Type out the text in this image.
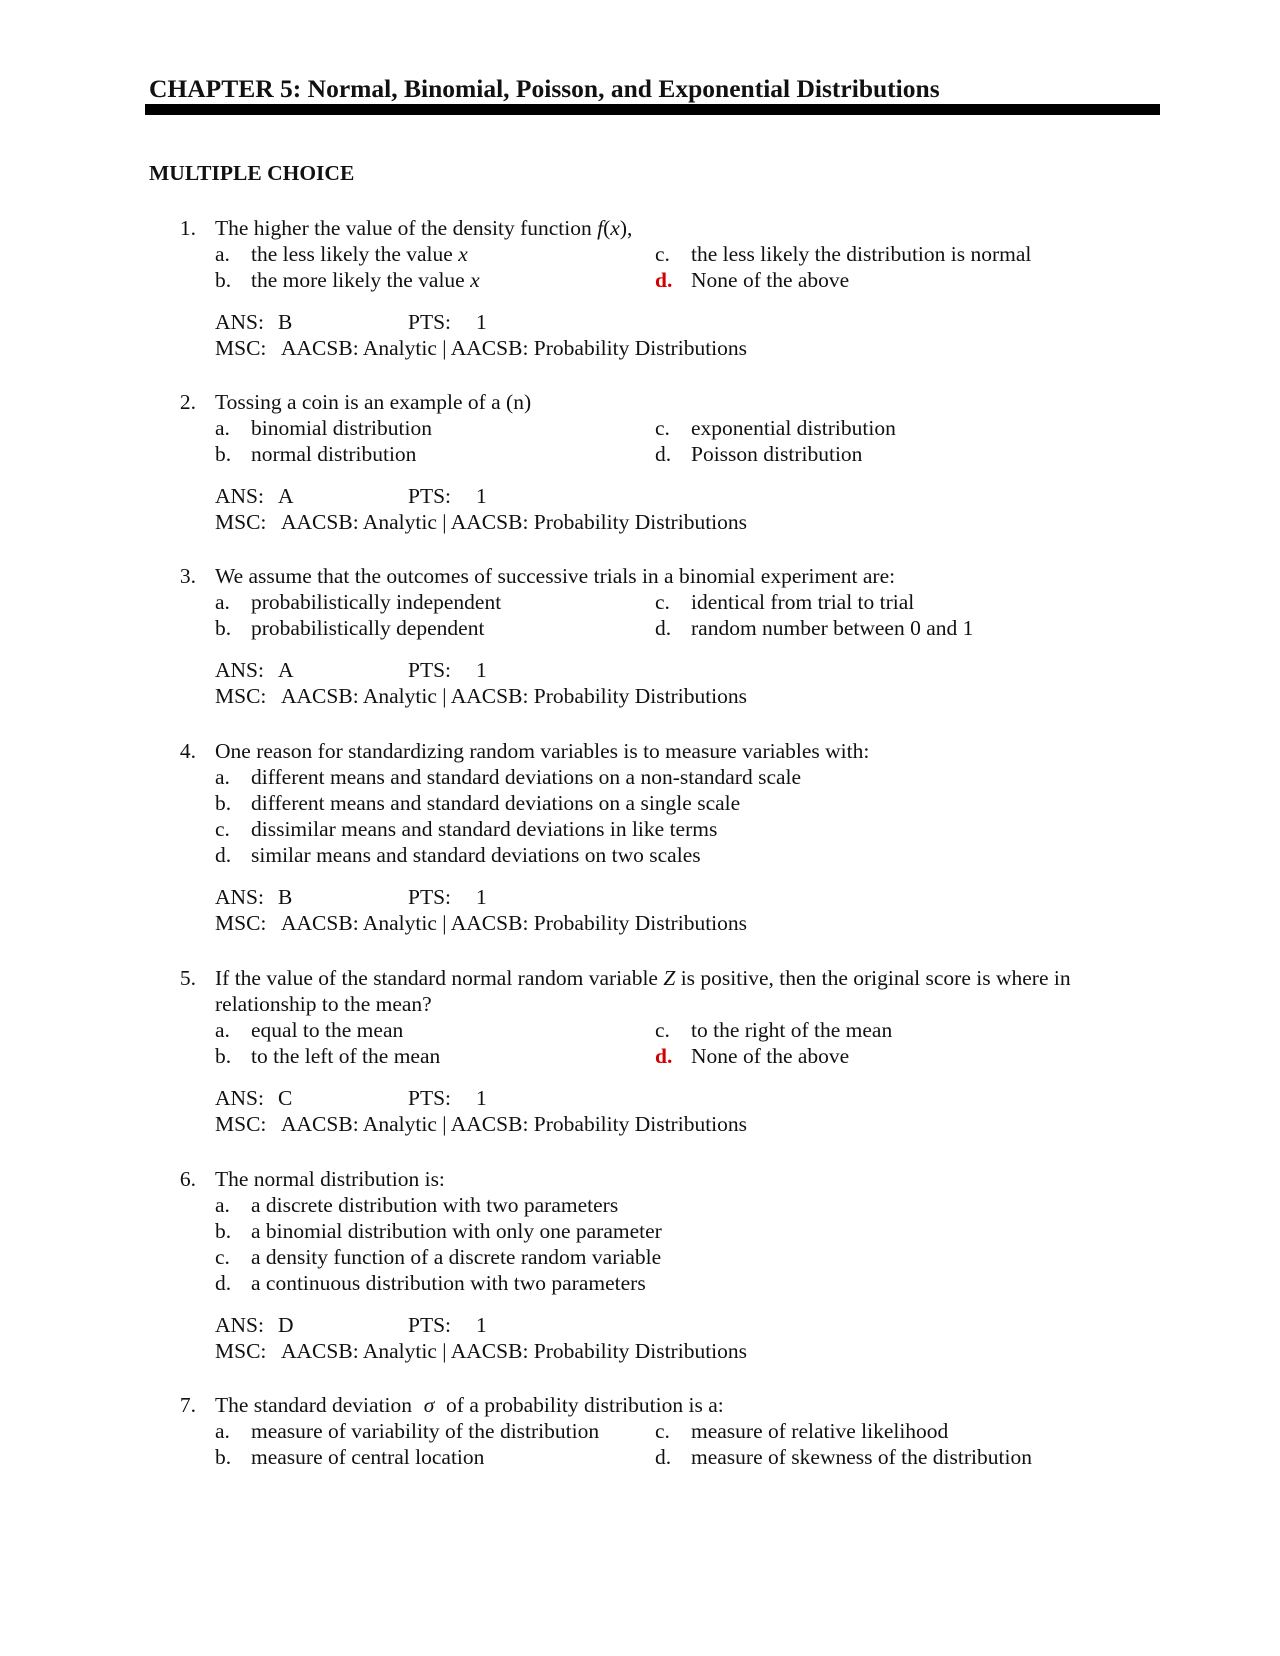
CHAPTER 5: Normal, Binomial, Poisson, and Exponential Distributions
MULTIPLE CHOICE
1. The higher the value of the density function f(x),
a. the less likely the value x
b. the more likely the value x
c. the less likely the distribution is normal
d. None of the above
ANS: B	PTS: 1
MSC: AACSB: Analytic | AACSB: Probability Distributions
2. Tossing a coin is an example of a (n)
a. binomial distribution
b. normal distribution
c. exponential distribution
d. Poisson distribution
ANS: A	PTS: 1
MSC: AACSB: Analytic | AACSB: Probability Distributions
3. We assume that the outcomes of successive trials in a binomial experiment are:
a. probabilistically independent
b. probabilistically dependent
c. identical from trial to trial
d. random number between 0 and 1
ANS: A	PTS: 1
MSC: AACSB: Analytic | AACSB: Probability Distributions
4. One reason for standardizing random variables is to measure variables with:
a. different means and standard deviations on a non-standard scale
b. different means and standard deviations on a single scale
c. dissimilar means and standard deviations in like terms
d. similar means and standard deviations on two scales
ANS: B	PTS: 1
MSC: AACSB: Analytic | AACSB: Probability Distributions
5. If the value of the standard normal random variable Z is positive, then the original score is where in relationship to the mean?
a. equal to the mean
b. to the left of the mean
c. to the right of the mean
d. None of the above
ANS: C	PTS: 1
MSC: AACSB: Analytic | AACSB: Probability Distributions
6. The normal distribution is:
a. a discrete distribution with two parameters
b. a binomial distribution with only one parameter
c. a density function of a discrete random variable
d. a continuous distribution with two parameters
ANS: D	PTS: 1
MSC: AACSB: Analytic | AACSB: Probability Distributions
7. The standard deviation σ of a probability distribution is a:
a. measure of variability of the distribution
b. measure of central location
c. measure of relative likelihood
d. measure of skewness of the distribution
